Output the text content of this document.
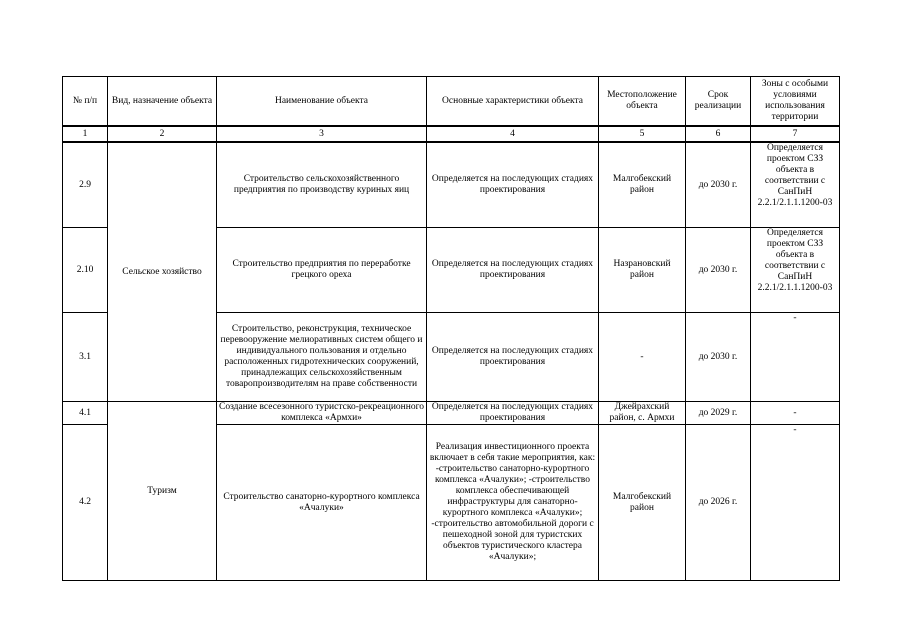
№ п/п	Вид, назначение объекта	Наименование объекта	Основные характеристики объекта	Местоположение объекта	Срок реализации	Зоны с особыми условиями использования территории
1	2	3	4	5	6	7
2.9	Сельское хозяйство	Строительство сельскохозяйственного предприятия по производству куриных яиц	Определяется на последующих стадиях проектирования	Малгобекский район	до 2030 г.	Определяется проектом СЗЗ объекта в соответствии с СанПиН 2.2.1/2.1.1.1200-03
2.10		Строительство предприятия по переработке грецкого ореха	Определяется на последующих стадиях проектирования	Назрановский район	до 2030 г.	Определяется проектом СЗЗ объекта в соответствии с СанПиН 2.2.1/2.1.1.1200-03
3.1		Строительство, реконструкция, техническое перевооружение мелиоративных систем общего и индивидуального пользования и отдельно расположенных гидротехнических сооружений, принадлежащих сельскохозяйственным товаропроизводителям на праве собственности	Определяется на последующих стадиях проектирования	-	до 2030 г.	-
4.1	Туризм	Создание всесезонного туристско-рекреационного комплекса «Армхи»	Определяется на последующих стадиях проектирования	Джейрахский район, с. Армхи	до 2029 г.	-
4.2		Строительство санаторно-курортного комплекса «Ачалуки»	Реализация инвестиционного проекта включает в себя такие мероприятия, как: -строительство санаторно-курортного комплекса «Ачалуки»; -строительство комплекса обеспечивающей инфраструктуры для санаторно-курортного комплекса «Ачалуки»; -строительство автомобильной дороги с пешеходной зоной для туристских объектов туристического кластера «Ачалуки»;	Малгобекский район	до 2026 г.	-
